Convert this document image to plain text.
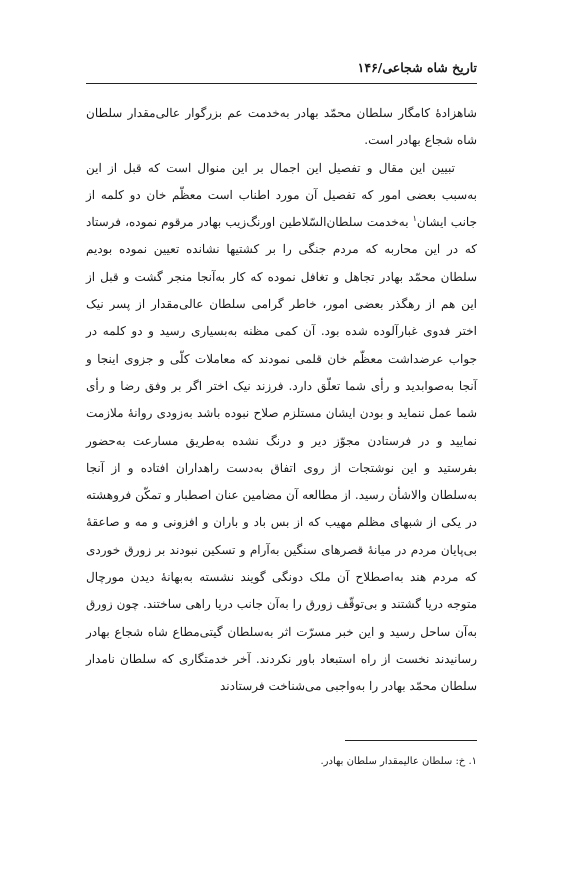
تاریخ شاه شجاعی/۱۴۶

شاهزادهٔ کامگار سلطان محمّد بهادر به‌خدمت عم بزرگوار عالی‌مقدار سلطان شاه شجاع بهادر است.

تبیین این مقال و تفصیل این اجمال بر این منوال است که قبل از این به‌سبب بعضی امور که تفصیل آن مورد اطناب است معظّم خان دو کلمه از جانب ایشان$^۱$ به‌خدمت سلطان‌السّلاطین اورنگ‌زیب بهادر مرقوم نموده، فرستاد که در این محاربه که مردم جنگی را بر کشتیها نشانده تعیین نموده بودیم سلطان محمّد بهادر تجاهل و تغافل نموده که کار به‌آنجا منجر گشت و قبل از این هم از رهگذر بعضی امور، خاطر گرامی سلطان عالی‌مقدار از پسر نیک اختر فدوی غبارآلوده شده بود. آن کمی مظنه به‌بسیاری رسید و دو کلمه در جواب عرضداشت معظّم خان قلمی نمودند که معاملات کلّی و جزوی اینجا و آنجا به‌صوابدید و رأی شما تعلّق دارد. فرزند نیک اختر اگر بر وفق رضا و رأی شما عمل ننماید و بودن ایشان مستلزم صلاح نبوده باشد به‌زودی روانهٔ ملازمت نمایید و در فرستادن مجوّز دیر و درنگ نشده به‌طریق مسارعت به‌حضور بفرستید و این نوشتجات از روی اتفاق به‌دست راهداران افتاده و از آنجا به‌سلطان والاشأن رسید. از مطالعه آن مضامین عنان اصطبار و تمکّن فروهشته در یکی از شبهای مظلم مهیب که از بس باد و باران و افزونی و مه و صاعقهٔ بی‌پایان مردم در میانهٔ قصرهای سنگین به‌آرام و تسکین نبودند بر زورق خوردی که مردم هند به‌اصطلاح آن ملک دونگی گویند نشسته به‌بهانهٔ دیدن مورچال متوجه دریا گشتند و بی‌توقّف زورق را به‌آن جانب دریا راهی ساختند. چون زورق به‌آن ساحل رسید و این خبر مسرّت اثر به‌سلطان گیتی‌مطاع شاه شجاع بهادر رسانیدند نخست از راه استبعاد باور نکردند. آخر خدمتگاری که سلطان نامدار سلطان محمّد بهادر را به‌واجبی می‌شناخت فرستادند

۱. خ: سلطان عالیمقدار سلطان بهادر.
